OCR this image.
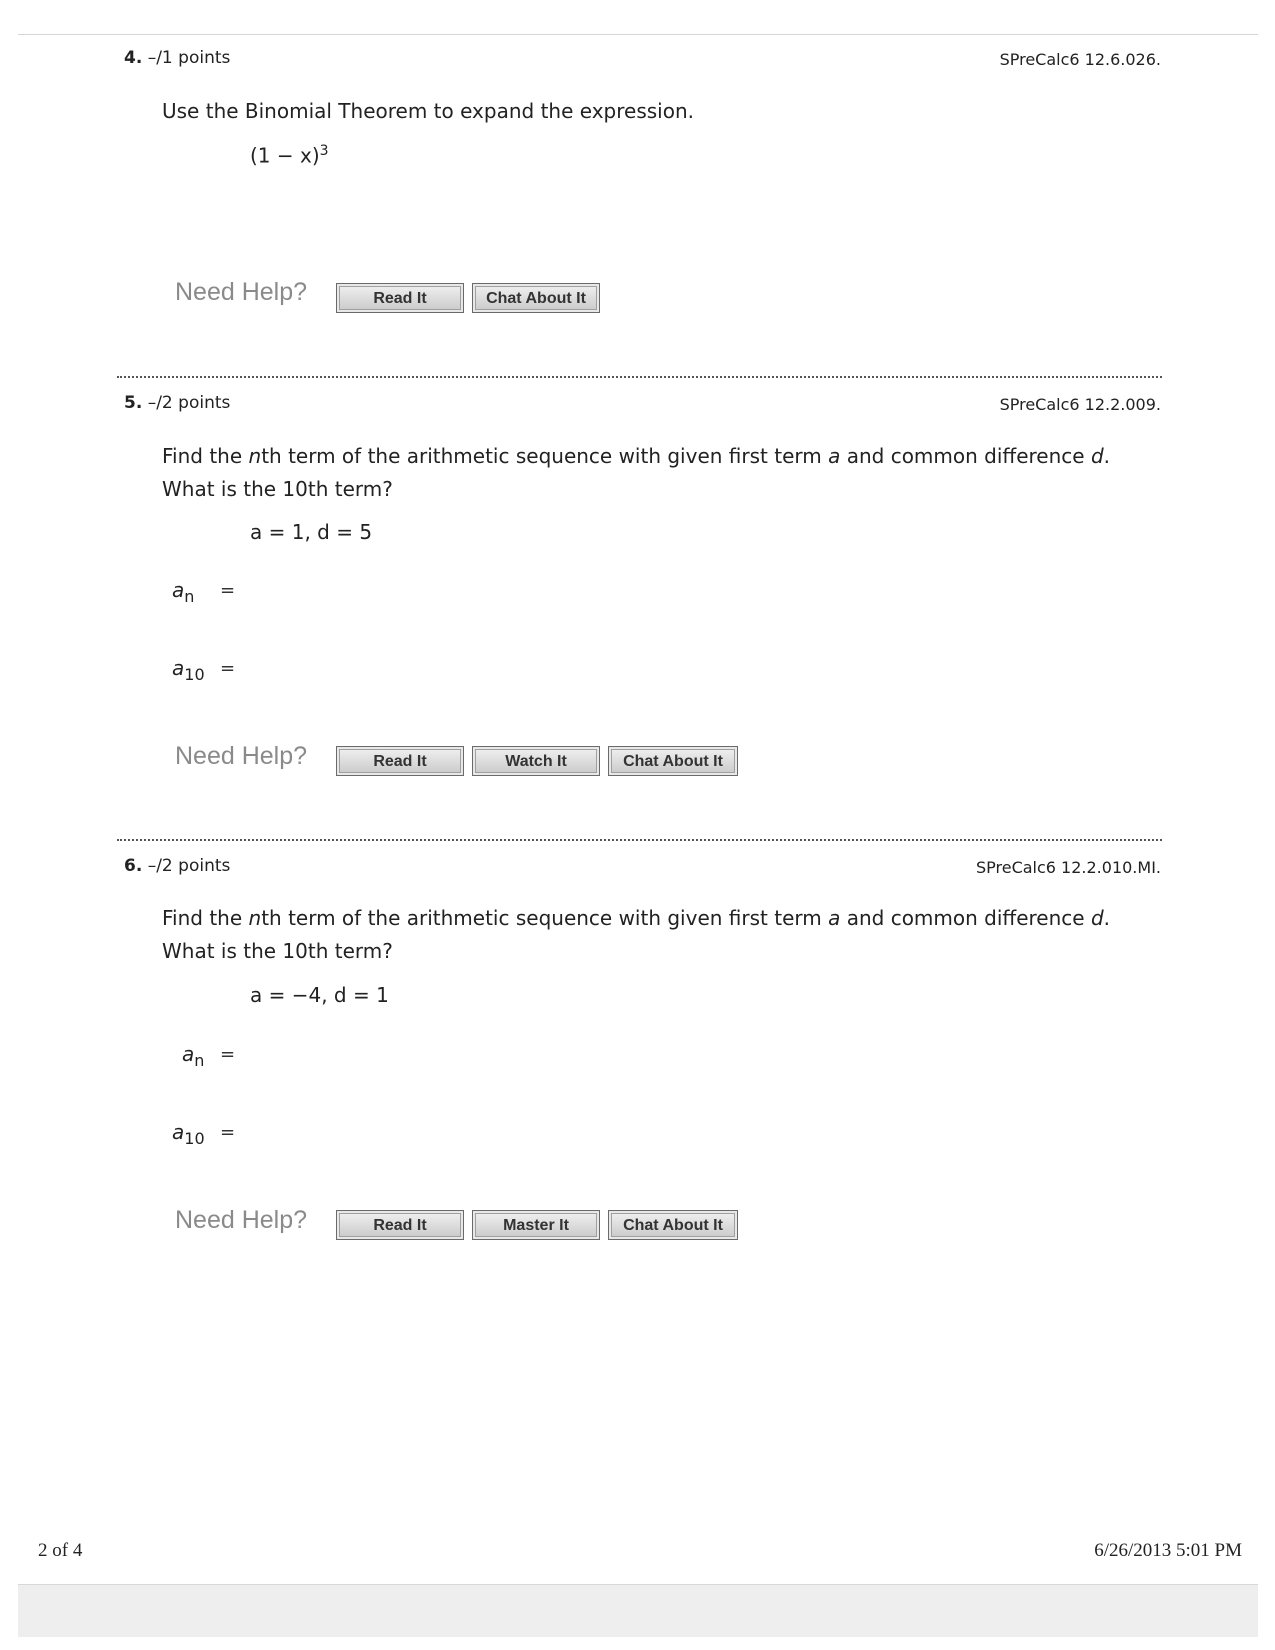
4. –/1 points	SPreCalc6 12.6.026.
Use the Binomial Theorem to expand the expression.
$(1 - x)^3$
Need Help?	Read It	Chat About It
5. –/2 points	SPreCalc6 12.2.009.
Find the nth term of the arithmetic sequence with given first term a and common difference d.
What is the 10th term?
a = 1, d = 5
$a_n$ =
$a_{10}$ =
Need Help?	Read It	Watch It	Chat About It
6. –/2 points	SPreCalc6 12.2.010.MI.
Find the nth term of the arithmetic sequence with given first term a and common difference d.
What is the 10th term?
a = −4, d = 1
$a_n$ =
$a_{10}$ =
Need Help?	Read It	Master It	Chat About It
2 of 4	6/26/2013 5:01 PM
